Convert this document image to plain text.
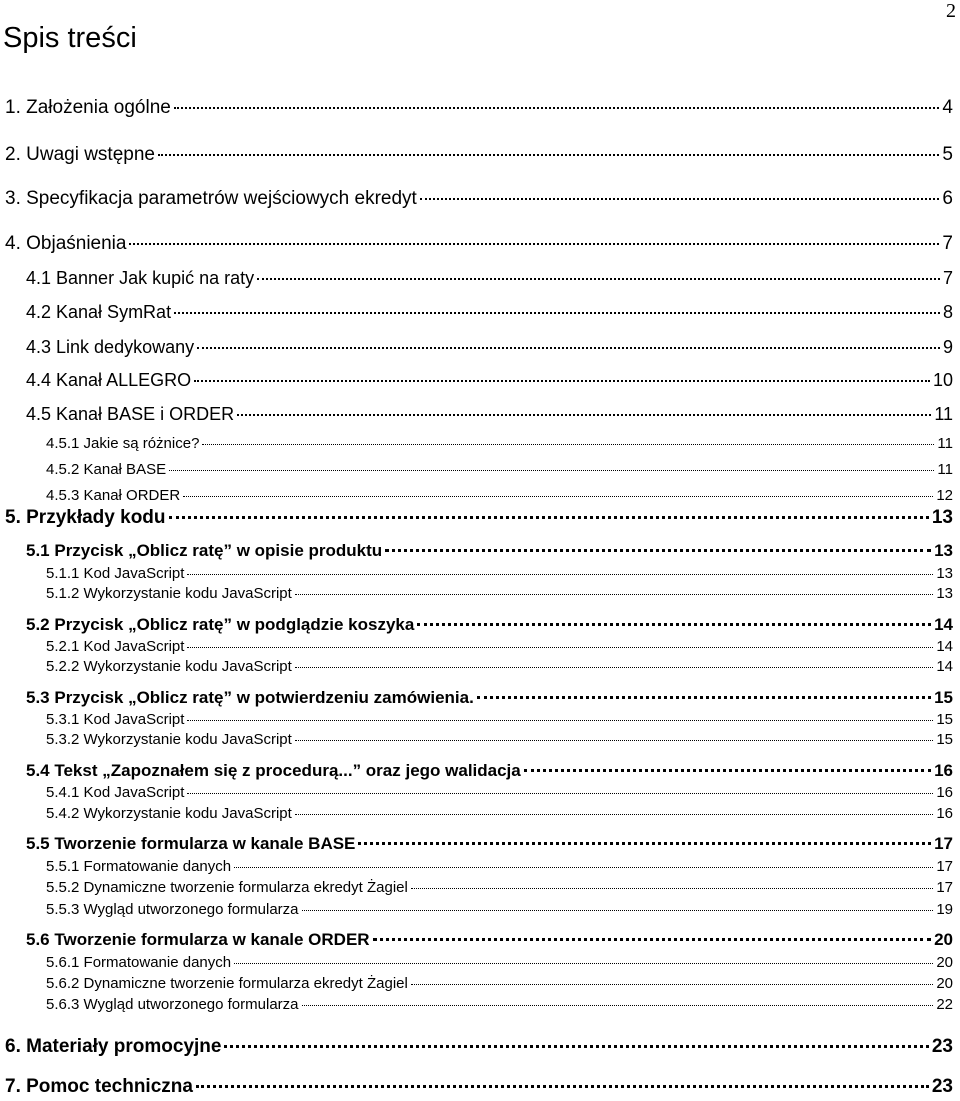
2
Spis treści
1. Założenia ogólne	4
2. Uwagi wstępne	5
3. Specyfikacja parametrów wejściowych ekredyt	6
4. Objaśnienia	7
4.1 Banner Jak kupić na raty	7
4.2 Kanał SymRat	8
4.3 Link dedykowany	9
4.4 Kanał ALLEGRO	10
4.5 Kanał BASE i ORDER	11
4.5.1 Jakie są różnice?	11
4.5.2 Kanał BASE	11
4.5.3 Kanał ORDER	12
5. Przykłady kodu	13
5.1 Przycisk „Oblicz ratę” w opisie produktu	13
5.1.1 Kod JavaScript	13
5.1.2 Wykorzystanie kodu JavaScript	13
5.2 Przycisk „Oblicz ratę” w podglądzie koszyka	14
5.2.1 Kod JavaScript	14
5.2.2 Wykorzystanie kodu JavaScript	14
5.3 Przycisk „Oblicz ratę” w potwierdzeniu zamówienia.	15
5.3.1 Kod JavaScript	15
5.3.2 Wykorzystanie kodu JavaScript	15
5.4 Tekst „Zapoznałem się z procedurą...” oraz jego walidacja	16
5.4.1 Kod JavaScript	16
5.4.2 Wykorzystanie kodu JavaScript	16
5.5 Tworzenie formularza w kanale BASE	17
5.5.1 Formatowanie danych	17
5.5.2 Dynamiczne tworzenie formularza ekredyt Żagiel	17
5.5.3 Wygląd utworzonego formularza	19
5.6 Tworzenie formularza w kanale ORDER	20
5.6.1 Formatowanie danych	20
5.6.2 Dynamiczne tworzenie formularza ekredyt Żagiel	20
5.6.3 Wygląd utworzonego formularza	22
6. Materiały promocyjne	23
7. Pomoc techniczna	23
